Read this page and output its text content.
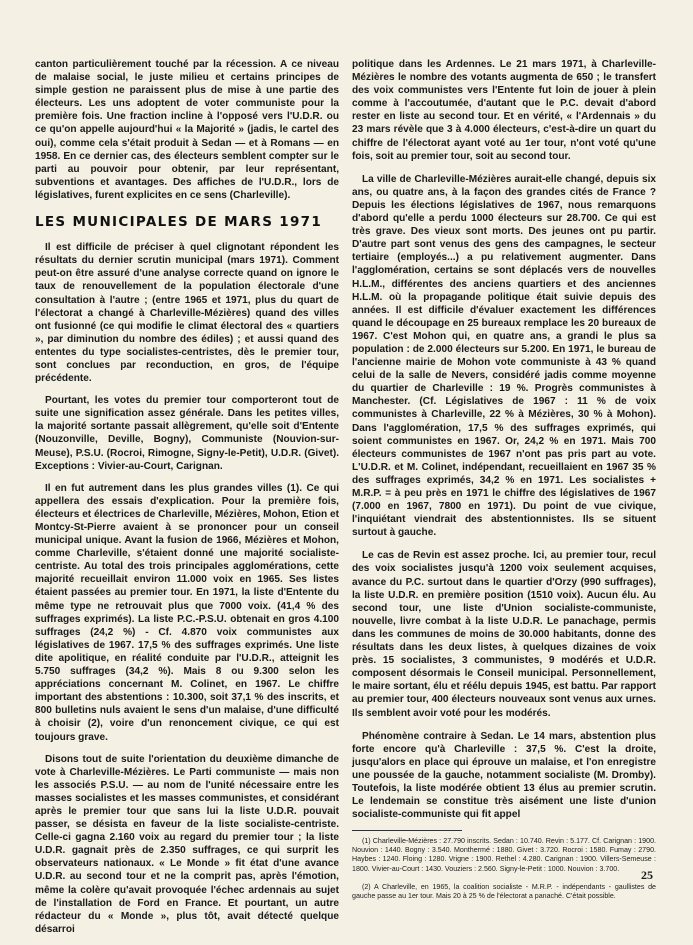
canton particulièrement touché par la récession. A ce niveau de malaise social, le juste milieu et certains principes de simple gestion ne paraissent plus de mise à une partie des électeurs. Les uns adoptent de voter communiste pour la première fois. Une fraction incline à l'opposé vers l'U.D.R. ou ce qu'on appelle aujourd'hui « la Majorité » (jadis, le cartel des oui), comme cela s'était produit à Sedan — et à Romans — en 1958. En ce dernier cas, des électeurs semblent compter sur le parti au pouvoir pour obtenir, par leur représentant, subventions et avantages. Des affiches de l'U.D.R., lors de législatives, furent explicites en ce sens (Charleville).

LES MUNICIPALES DE MARS 1971

Il est difficile de préciser à quel clignotant répondent les résultats du dernier scrutin municipal (mars 1971). Comment peut-on être assuré d'une analyse correcte quand on ignore le taux de renouvellement de la population électorale d'une consultation à l'autre ; (entre 1965 et 1971, plus du quart de l'électorat a changé à Charleville-Mézières) quand des villes ont fusionné (ce qui modifie le climat électoral des « quartiers », par diminution du nombre des édiles) ; et aussi quand des ententes du type socialistes-centristes, dès le premier tour, sont conclues par reconduction, en gros, de l'équipe précédente.

Pourtant, les votes du premier tour comporteront tout de suite une signification assez générale. Dans les petites villes, la majorité sortante passait allègrement, qu'elle soit d'Entente (Nouzonville, Deville, Bogny), Communiste (Nouvion-sur-Meuse), P.S.U. (Rocroi, Rimogne, Signy-le-Petit), U.D.R. (Givet). Exceptions : Vivier-au-Court, Carignan.

Il en fut autrement dans les plus grandes villes (1). Ce qui appellera des essais d'explication. Pour la première fois, électeurs et électrices de Charleville, Mézières, Mohon, Etion et Montcy-St-Pierre avaient à se prononcer pour un conseil municipal unique. Avant la fusion de 1966, Mézières et Mohon, comme Charleville, s'étaient donné une majorité socialiste-centriste. Au total des trois principales agglomérations, cette majorité recueillait environ 11.000 voix en 1965. Ses listes étaient passées au premier tour. En 1971, la liste d'Entente du même type ne retrouvait plus que 7000 voix. (41,4 % des suffrages exprimés). La liste P.C.-P.S.U. obtenait en gros 4.100 suffrages (24,2 %) - Cf. 4.870 voix communistes aux législatives de 1967. 17,5 % des suffrages exprimés. Une liste dite apolitique, en réalité conduite par l'U.D.R., atteignit les 5.750 suffrages (34,2 %). Mais 8 ou 9.300 selon les appréciations concernant M. Colinet, en 1967. Le chiffre important des abstentions : 10.300, soit 37,1 % des inscrits, et 800 bulletins nuls avaient le sens d'un malaise, d'une difficulté à choisir (2), voire d'un renoncement civique, ce qui est toujours grave.

Disons tout de suite l'orientation du deuxième dimanche de vote à Charleville-Mézières. Le Parti communiste — mais non les associés P.S.U. — au nom de l'unité nécessaire entre les masses socialistes et les masses communistes, et considérant après le premier tour que sans lui la liste U.D.R. pouvait passer, se désista en faveur de la liste socialiste-centriste. Celle-ci gagna 2.160 voix au regard du premier tour ; la liste U.D.R. gagnait près de 2.350 suffrages, ce qui surprit les observateurs nationaux. « Le Monde » fit état d'une avance U.D.R. au second tour et ne la comprit pas, après l'émotion, même la colère qu'avait provoquée l'échec ardennais au sujet de l'installation de Ford en France. Et pourtant, un autre rédacteur du « Monde », plus tôt, avait détecté quelque désarroi

politique dans les Ardennes. Le 21 mars 1971, à Charleville-Mézières le nombre des votants augmenta de 650 ; le transfert des voix communistes vers l'Entente fut loin de jouer à plein comme à l'accoutumée, d'autant que le P.C. devait d'abord rester en liste au second tour. Et en vérité, « l'Ardennais » du 23 mars révèle que 3 à 4.000 électeurs, c'est-à-dire un quart du chiffre de l'électorat ayant voté au 1er tour, n'ont voté qu'une fois, soit au premier tour, soit au second tour.

La ville de Charleville-Mézières aurait-elle changé, depuis six ans, ou quatre ans, à la façon des grandes cités de France ? Depuis les élections législatives de 1967, nous remarquons d'abord qu'elle a perdu 1000 électeurs sur 28.700. Ce qui est très grave. Des vieux sont morts. Des jeunes ont pu partir. D'autre part sont venus des gens des campagnes, le secteur tertiaire (employés...) a pu relativement augmenter. Dans l'agglomération, certains se sont déplacés vers de nouvelles H.L.M., différentes des anciens quartiers et des anciennes H.L.M. où la propagande politique était suivie depuis des années. Il est difficile d'évaluer exactement les différences quand le découpage en 25 bureaux remplace les 20 bureaux de 1967. C'est Mohon qui, en quatre ans, a grandi le plus sa population : de 2.000 électeurs sur 5.200. En 1971, le bureau de l'ancienne mairie de Mohon vote communiste à 43 % quand celui de la salle de Nevers, considéré jadis comme moyenne du quartier de Charleville : 19 %. Progrès communistes à Manchester. (Cf. Législatives de 1967 : 11 % de voix communistes à Charleville, 22 % à Mézières, 30 % à Mohon). Dans l'agglomération, 17,5 % des suffrages exprimés, qui soient communistes en 1967. Or, 24,2 % en 1971. Mais 700 électeurs communistes de 1967 n'ont pas pris part au vote. L'U.D.R. et M. Colinet, indépendant, recueillaient en 1967 35 % des suffrages exprimés, 34,2 % en 1971. Les socialistes + M.R.P. = à peu près en 1971 le chiffre des législatives de 1967 (7.000 en 1967, 7800 en 1971). Du point de vue civique, l'inquiétant viendrait des abstentionnistes. Ils se situent surtout à gauche.

Le cas de Revin est assez proche. Ici, au premier tour, recul des voix socialistes jusqu'à 1200 voix seulement acquises, avance du P.C. surtout dans le quartier d'Orzy (990 suffrages), la liste U.D.R. en première position (1510 voix). Aucun élu. Au second tour, une liste d'Union socialiste-communiste, nouvelle, livre combat à la liste U.D.R. Le panachage, permis dans les communes de moins de 30.000 habitants, donne des résultats dans les deux listes, à quelques dizaines de voix près. 15 socialistes, 3 communistes, 9 modérés et U.D.R. composent désormais le Conseil municipal. Personnellement, le maire sortant, élu et réélu depuis 1945, est battu. Par rapport au premier tour, 400 électeurs nouveaux sont venus aux urnes. Ils semblent avoir voté pour les modérés.

Phénomène contraire à Sedan. Le 14 mars, abstention plus forte encore qu'à Charleville : 37,5 %. C'est la droite, jusqu'alors en place qui éprouve un malaise, et l'on enregistre une poussée de la gauche, notamment socialiste (M. Dromby). Toutefois, la liste modérée obtient 13 élus au premier scrutin. Le lendemain se constitue très aisément une liste d'union socialiste-communiste qui fit appel

(1) Charleville-Mézières : 27.790 inscrits. Sedan : 10.740. Revin : 5.177. Cf. Carignan : 1900. Nouvion : 1440. Bogny : 3.540. Monthermé : 1880. Givet : 3.720. Rocroi : 1580. Fumay : 2790. Haybes : 1240. Floing : 1280. Vrigne : 1900. Rethel : 4.280. Carignan : 1900. Villers-Semeuse : 1800. Vivier-au-Court : 1430. Vouziers : 2.560. Signy-le-Petit : 1000. Nouvion : 3.700.

(2) A Charleville, en 1965, la coalition socialiste - M.R.P. - indépendants - gaullistes de gauche passe au 1er tour. Mais 20 à 25 % de l'électorat a panaché. C'était possible.

25
